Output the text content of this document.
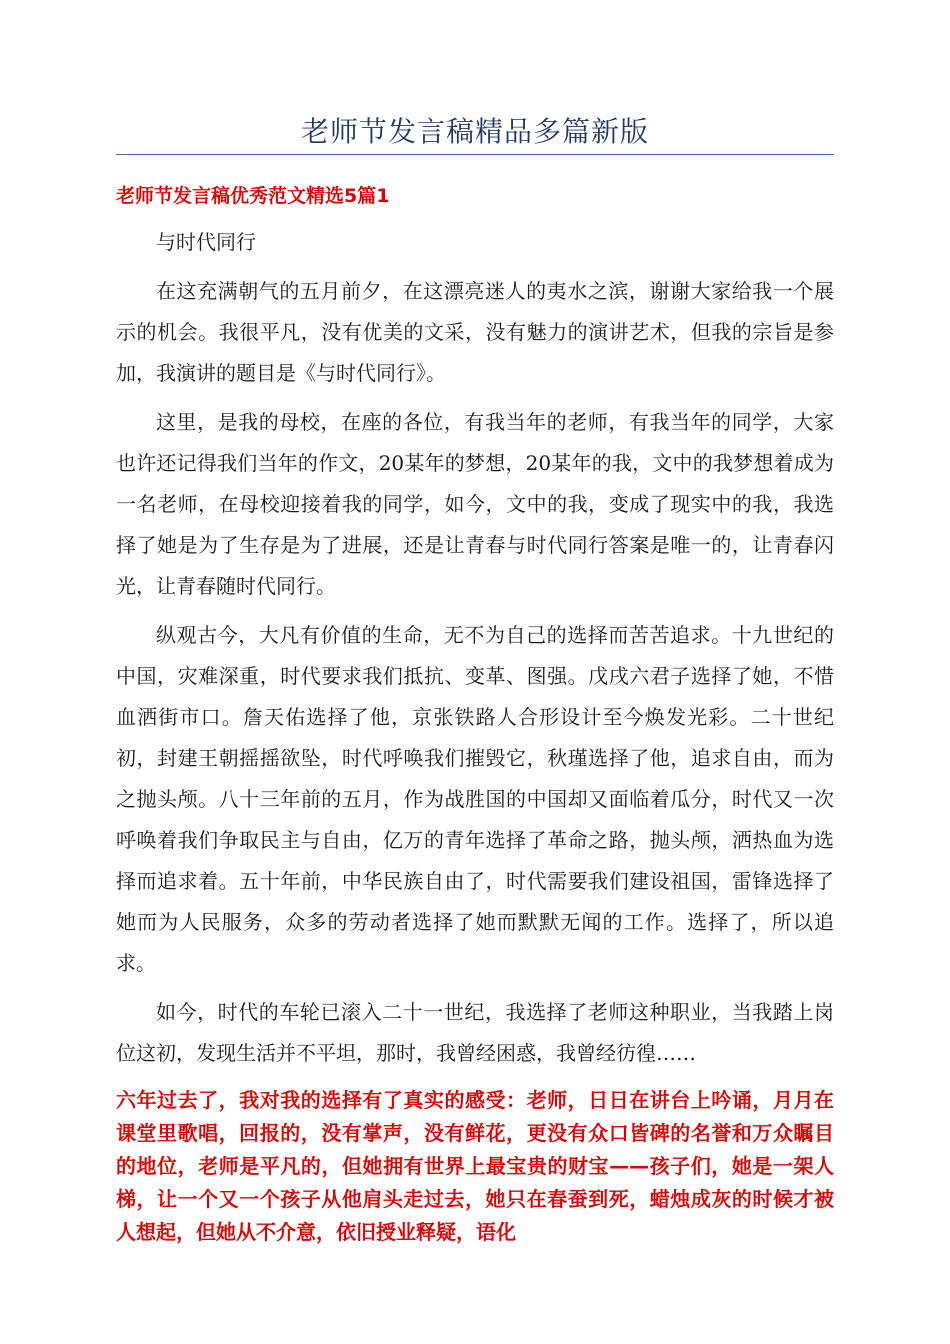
老师节发言稿精品多篇新版
老师节发言稿优秀范文精选5篇1

与时代同行

在这充满朝气的五月前夕，在这漂亮迷人的夷水之滨，谢谢大家给我一个展示的机会。我很平凡，没有优美的文采，没有魅力的演讲艺术，但我的宗旨是参加，我演讲的题目是《与时代同行》。

这里，是我的母校，在座的各位，有我当年的老师，有我当年的同学，大家也许还记得我们当年的作文，20某年的梦想，20某年的我，文中的我梦想着成为一名老师，在母校迎接着我的同学，如今，文中的我，变成了现实中的我，我选择了她是为了生存是为了进展，还是让青春与时代同行答案是唯一的，让青春闪光，让青春随时代同行。

纵观古今，大凡有价值的生命，无不为自己的选择而苦苦追求。十九世纪的中国，灾难深重，时代要求我们抵抗、变革、图强。戊戌六君子选择了她，不惜血洒街市口。詹天佑选择了他，京张铁路人合形设计至今焕发光彩。二十世纪初，封建王朝摇摇欲坠，时代呼唤我们摧毁它，秋瑾选择了他，追求自由，而为之抛头颅。八十三年前的五月，作为战胜国的中国却又面临着瓜分，时代又一次呼唤着我们争取民主与自由，亿万的青年选择了革命之路，抛头颅，洒热血为选择而追求着。五十年前，中华民族自由了，时代需要我们建设祖国，雷锋选择了她而为人民服务，众多的劳动者选择了她而默默无闻的工作。选择了，所以追求。

如今，时代的车轮已滚入二十一世纪，我选择了老师这种职业，当我踏上岗位这初，发现生活并不平坦，那时，我曾经困惑，我曾经彷徨……

六年过去了，我对我的选择有了真实的感受：老师，日日在讲台上吟诵，月月在课堂里歌唱，回报的，没有掌声，没有鲜花，更没有众口皆碑的名誉和万众瞩目的地位，老师是平凡的，但她拥有世界上最宝贵的财宝——孩子们，她是一架人梯，让一个又一个孩子从他肩头走过去，她只在春蚕到死，蜡烛成灰的时候才被人想起，但她从不介意，依旧授业释疑，语化
